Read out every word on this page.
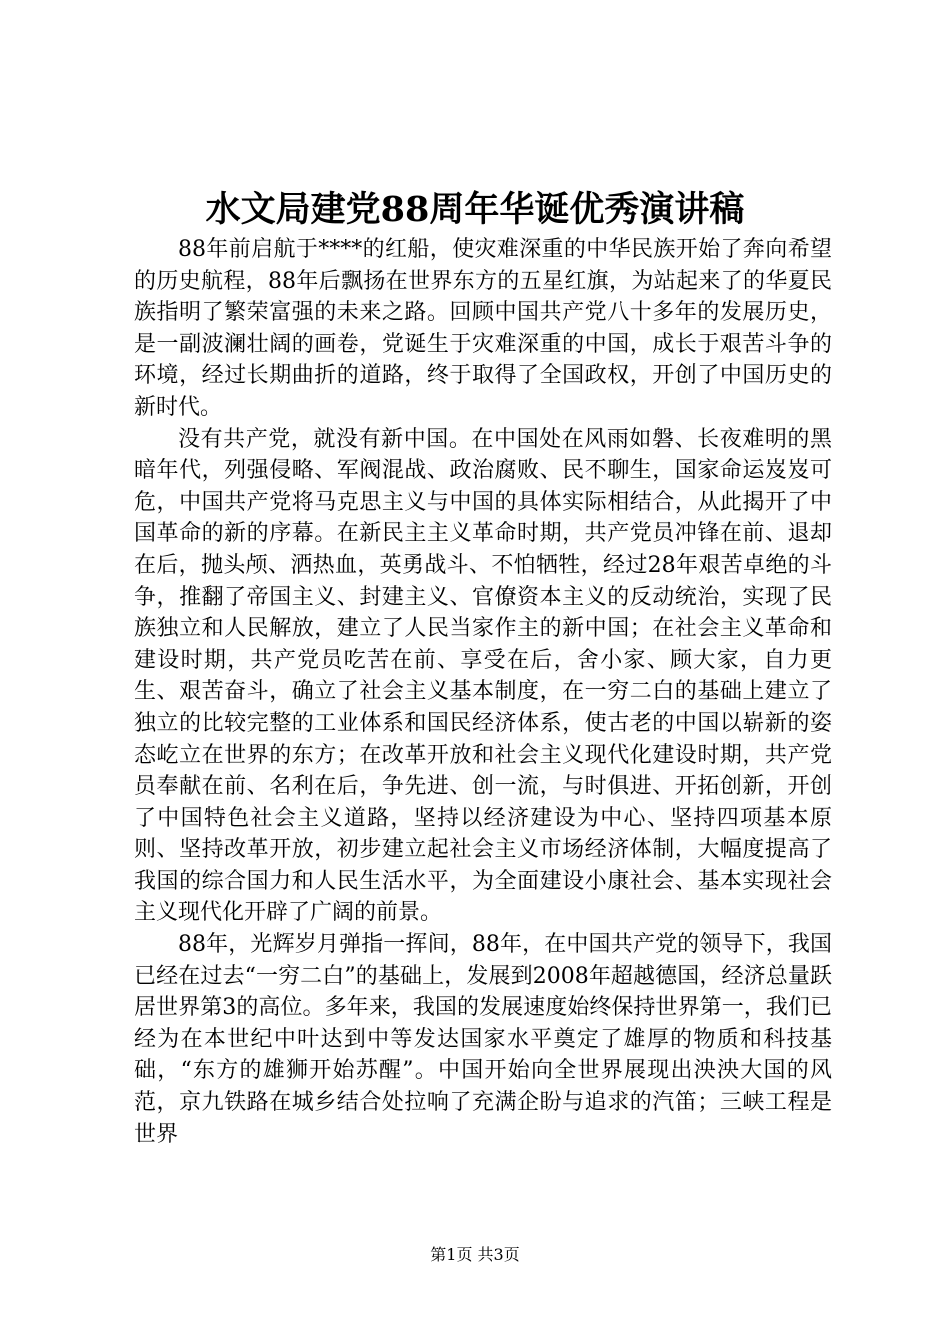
水文局建党88周年华诞优秀演讲稿

88年前启航于****的红船，使灾难深重的中华民族开始了奔向希望的历史航程，88年后飘扬在世界东方的五星红旗，为站起来了的华夏民族指明了繁荣富强的未来之路。回顾中国共产党八十多年的发展历史，是一副波澜壮阔的画卷，党诞生于灾难深重的中国，成长于艰苦斗争的环境，经过长期曲折的道路，终于取得了全国政权，开创了中国历史的新时代。

没有共产党，就没有新中国。在中国处在风雨如磐、长夜难明的黑暗年代，列强侵略、军阀混战、政治腐败、民不聊生，国家命运岌岌可危，中国共产党将马克思主义与中国的具体实际相结合，从此揭开了中国革命的新的序幕。在新民主主义革命时期，共产党员冲锋在前、退却在后，抛头颅、洒热血，英勇战斗、不怕牺牲，经过28年艰苦卓绝的斗争，推翻了帝国主义、封建主义、官僚资本主义的反动统治，实现了民族独立和人民解放，建立了人民当家作主的新中国；在社会主义革命和建设时期，共产党员吃苦在前、享受在后，舍小家、顾大家，自力更生、艰苦奋斗，确立了社会主义基本制度，在一穷二白的基础上建立了独立的比较完整的工业体系和国民经济体系，使古老的中国以崭新的姿态屹立在世界的东方；在改革开放和社会主义现代化建设时期，共产党员奉献在前、名利在后，争先进、创一流，与时俱进、开拓创新，开创了中国特色社会主义道路，坚持以经济建设为中心、坚持四项基本原则、坚持改革开放，初步建立起社会主义市场经济体制，大幅度提高了我国的综合国力和人民生活水平，为全面建设小康社会、基本实现社会主义现代化开辟了广阔的前景。

88年，光辉岁月弹指一挥间，88年，在中国共产党的领导下，我国已经在过去“一穷二白”的基础上，发展到2008年超越德国，经济总量跃居世界第3的高位。多年来，我国的发展速度始终保持世界第一，我们已经为在本世纪中叶达到中等发达国家水平奠定了雄厚的物质和科技基础，“东方的雄狮开始苏醒”。中国开始向全世界展现出泱泱大国的风范，京九铁路在城乡结合处拉响了充满企盼与追求的汽笛；三峡工程是世界

第1页 共3页
